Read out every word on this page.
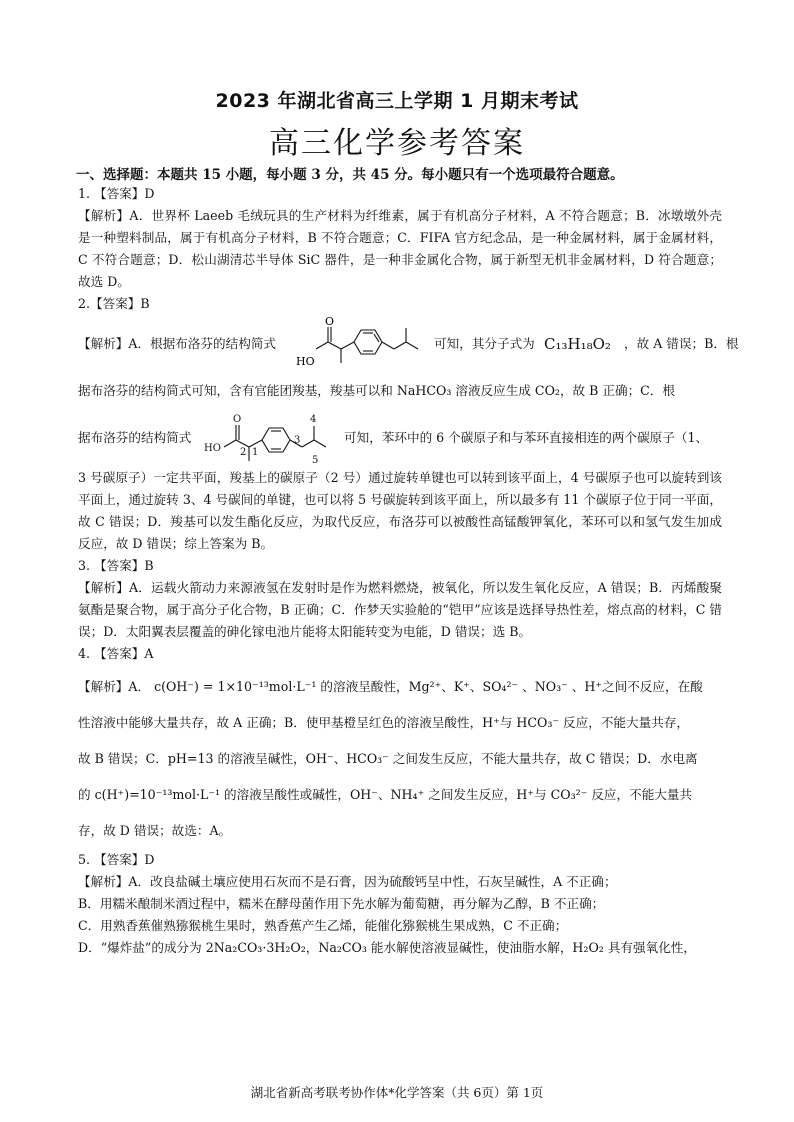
2023 年湖北省高三上学期 1 月期末考试
高三化学参考答案
一、选择题：本题共 15 小题，每小题 3 分，共 45 分。每小题只有一个选项最符合题意。
1. 【答案】D
【解析】A．世界杯 Laeeb 毛绒玩具的生产材料为纤维素，属于有机高分子材料，A 不符合题意；B．冰墩墩外壳是一种塑料制品，属于有机高分子材料，B 不符合题意；C．FIFA 官方纪念品，是一种金属材料，属于金属材料，C 不符合题意；D．松山湖清芯半导体 SiC 器件，是一种非金属化合物，属于新型无机非金属材料，D 符合题意；故选 D。
2.【答案】B
【解析】A．根据布洛芬的结构简式
HO
O
可知，其分子式为 C₁₃H₁₈O₂ ，故 A 错误；B．根
据布洛芬的结构简式可知，含有官能团羧基，羧基可以和 NaHCO₃ 溶液反应生成 CO₂，故 B 正确；C．根
据布洛芬的结构简式
HO
O
2 1
3
4
5
可知，苯环中的 6 个碳原子和与苯环直接相连的两个碳原子（1、
3 号碳原子）一定共平面，羧基上的碳原子（2 号）通过旋转单键也可以转到该平面上，4 号碳原子也可以旋转到该平面上，通过旋转 3、4 号碳间的单键，也可以将 5 号碳旋转到该平面上，所以最多有 11 个碳原子位于同一平面，故 C 错误；D．羧基可以发生酯化反应，为取代反应，布洛芬可以被酸性高锰酸钾氧化，苯环可以和氢气发生加成反应，故 D 错误；综上答案为 B。
3. 【答案】B
【解析】A．运载火箭动力来源液氢在发射时是作为燃料燃烧，被氧化，所以发生氧化反应，A 错误；B．丙烯酸聚氨酯是聚合物，属于高分子化合物，B 正确；C．作梦天实验舱的“铠甲”应该是选择导热性差，熔点高的材料，C 错误；D．太阳翼表层覆盖的砷化镓电池片能将太阳能转变为电能，D 错误；选 B。
4. 【答案】A
【解析】A． c(OH⁻) = 1×10⁻¹³mol·L⁻¹ 的溶液呈酸性，Mg²⁺、K⁺、SO₄²⁻ 、NO₃⁻ 、H⁺之间不反应，在酸
性溶液中能够大量共存，故 A 正确；B．使甲基橙呈红色的溶液呈酸性，H⁺与 HCO₃⁻ 反应，不能大量共存，
故 B 错误；C．pH=13 的溶液呈碱性，OH⁻、HCO₃⁻ 之间发生反应，不能大量共存，故 C 错误；D．水电离
的 c(H⁺)=10⁻¹³mol·L⁻¹ 的溶液呈酸性或碱性，OH⁻、NH₄⁺ 之间发生反应，H⁺与 CO₃²⁻ 反应，不能大量共
存，故 D 错误；故选：A。
5. 【答案】D
【解析】A．改良盐碱土壤应使用石灰而不是石膏，因为硫酸钙呈中性，石灰呈碱性，A 不正确；
B．用糯米酿制米酒过程中，糯米在酵母菌作用下先水解为葡萄糖，再分解为乙醇，B 不正确；
C．用熟香蕉催熟猕猴桃生果时，熟香蕉产生乙烯，能催化猕猴桃生果成熟，C 不正确；
D．“爆炸盐”的成分为 2Na₂CO₃·3H₂O₂，Na₂CO₃ 能水解使溶液显碱性，使油脂水解，H₂O₂ 具有强氧化性，
湖北省新高考联考协作体*化学答案（共 6页）第 1页
